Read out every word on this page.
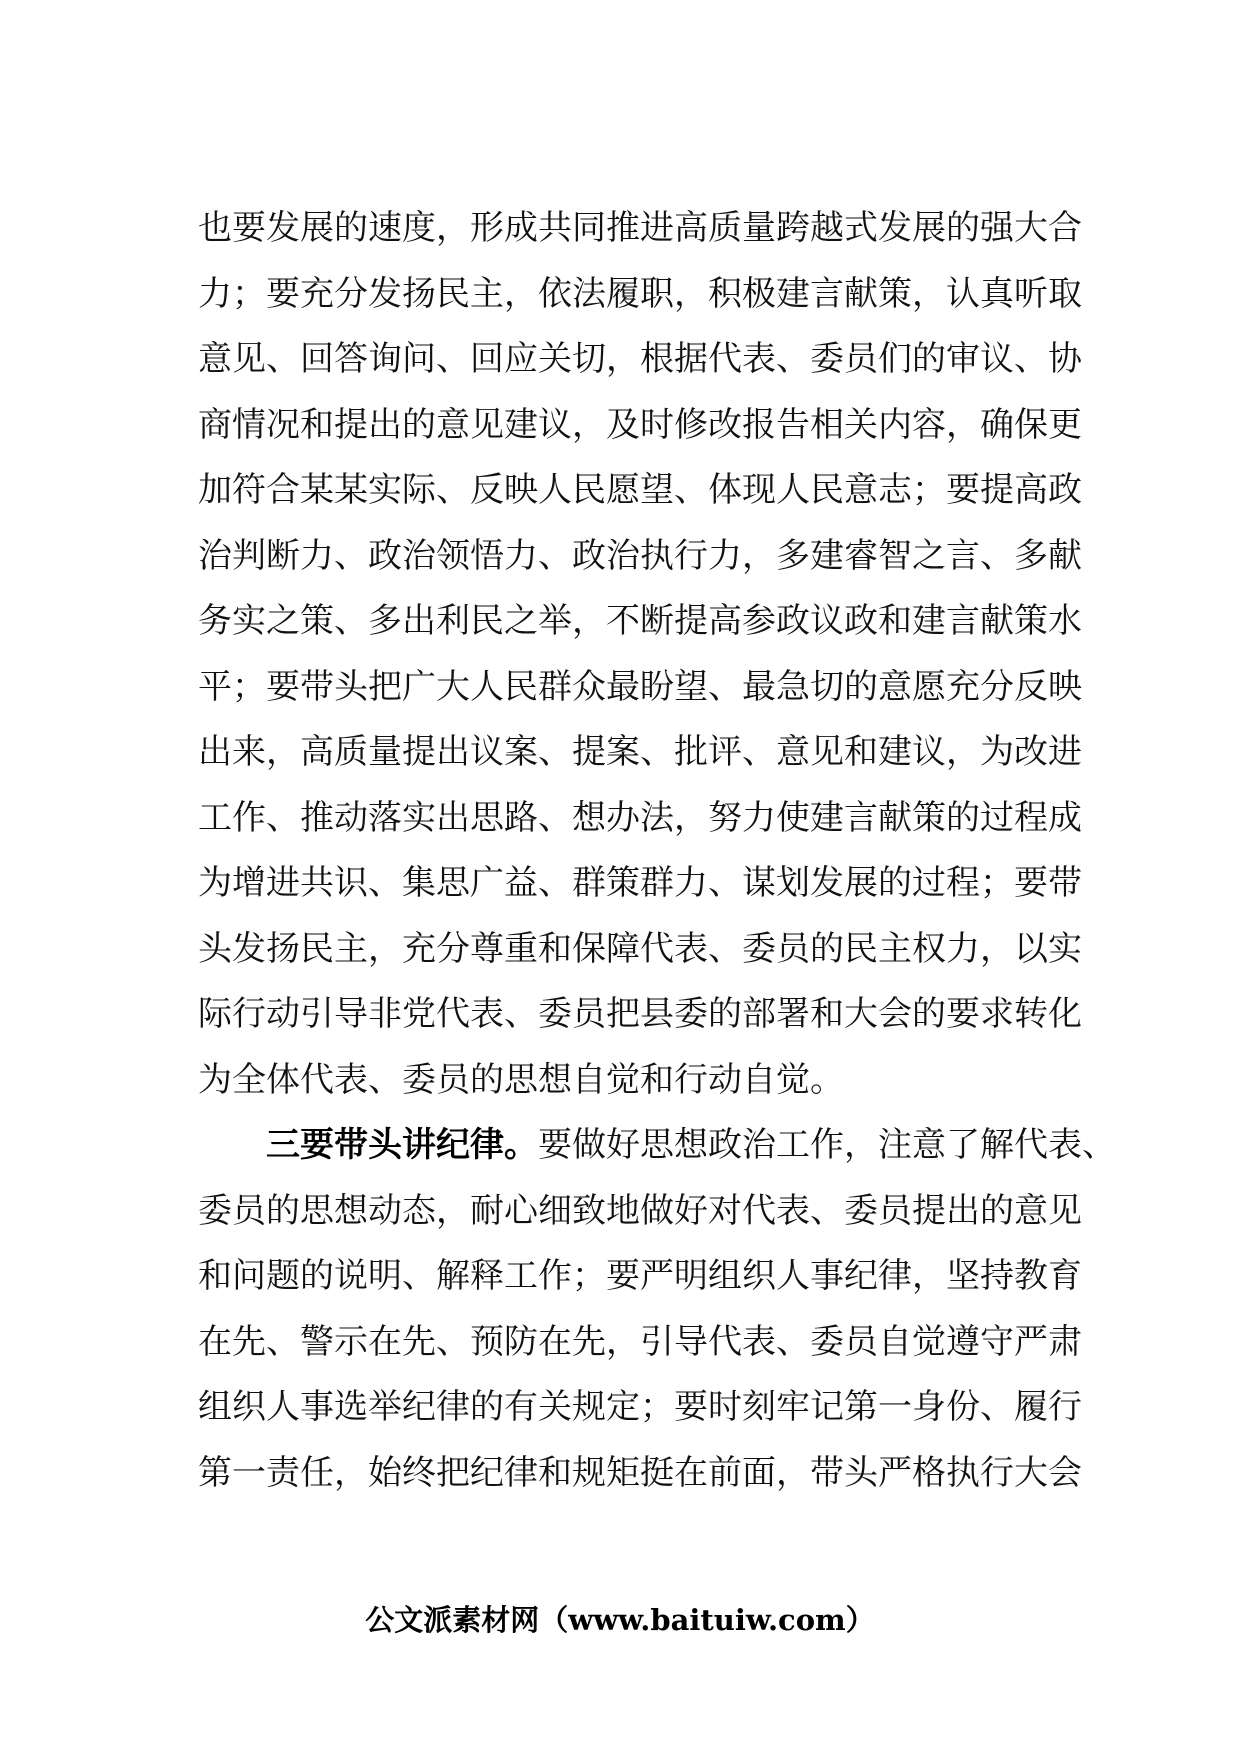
也要发展的速度，形成共同推进高质量跨越式发展的强大合
力；要充分发扬民主，依法履职，积极建言献策，认真听取
意见、回答询问、回应关切，根据代表、委员们的审议、协
商情况和提出的意见建议，及时修改报告相关内容，确保更
加符合某某实际、反映人民愿望、体现人民意志；要提高政
治判断力、政治领悟力、政治执行力，多建睿智之言、多献
务实之策、多出利民之举，不断提高参政议政和建言献策水
平；要带头把广大人民群众最盼望、最急切的意愿充分反映
出来，高质量提出议案、提案、批评、意见和建议，为改进
工作、推动落实出思路、想办法，努力使建言献策的过程成
为增进共识、集思广益、群策群力、谋划发展的过程；要带
头发扬民主，充分尊重和保障代表、委员的民主权力，以实
际行动引导非党代表、委员把县委的部署和大会的要求转化
为全体代表、委员的思想自觉和行动自觉。
三要带头讲纪律。要做好思想政治工作，注意了解代表、
委员的思想动态，耐心细致地做好对代表、委员提出的意见
和问题的说明、解释工作；要严明组织人事纪律，坚持教育
在先、警示在先、预防在先，引导代表、委员自觉遵守严肃
组织人事选举纪律的有关规定；要时刻牢记第一身份、履行
第一责任，始终把纪律和规矩挺在前面，带头严格执行大会
公文派素材网（www.baituiw.com）
